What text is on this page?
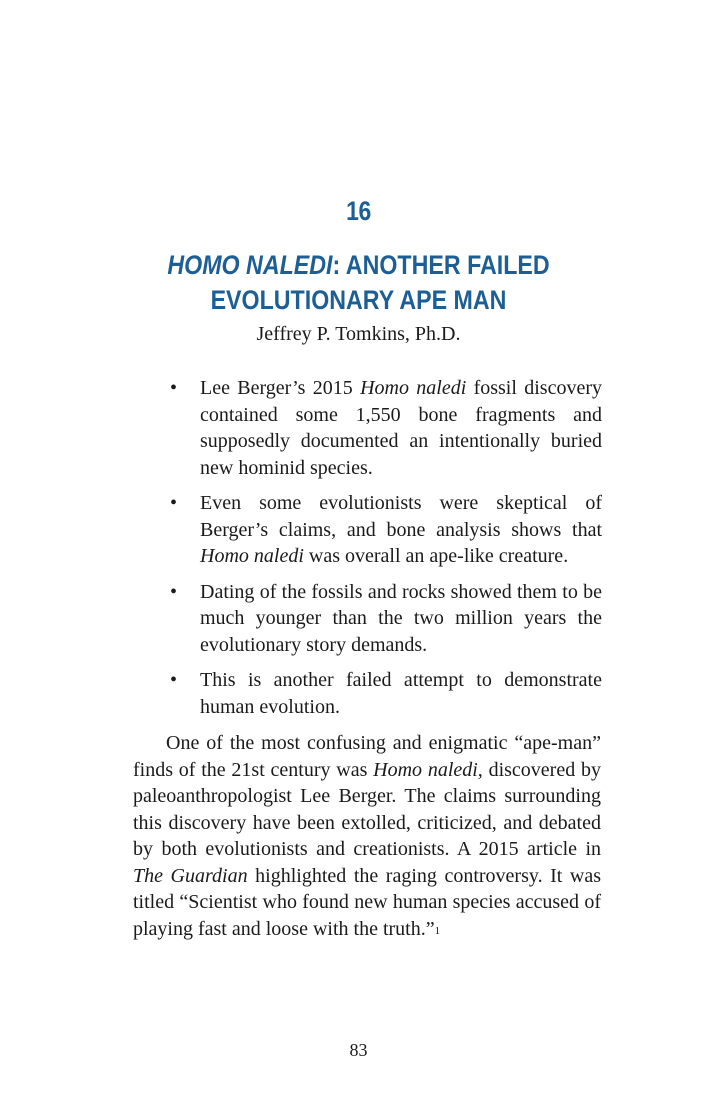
16
HOMO NALEDI: ANOTHER FAILED
EVOLUTIONARY APE MAN
Jeffrey P. Tomkins, Ph.D.
• Lee Berger’s 2015 Homo naledi fossil discovery contained some 1,550 bone fragments and supposedly documented an intentionally buried new hominid species.
• Even some evolutionists were skeptical of Berger’s claims, and bone analysis shows that Homo naledi was overall an ape-like creature.
• Dating of the fossils and rocks showed them to be much younger than the two million years the evolutionary story demands.
• This is another failed attempt to demonstrate human evolution.

One of the most confusing and enigmatic “ape-man” finds of the 21st century was Homo naledi, discovered by paleoanthropologist Lee Berger. The claims surrounding this discovery have been extolled, criticized, and debated by both evolutionists and creationists. A 2015 article in The Guardian highlighted the raging controversy. It was titled “Scientist who found new human species accused of playing fast and loose with the truth.”$^1$

83
